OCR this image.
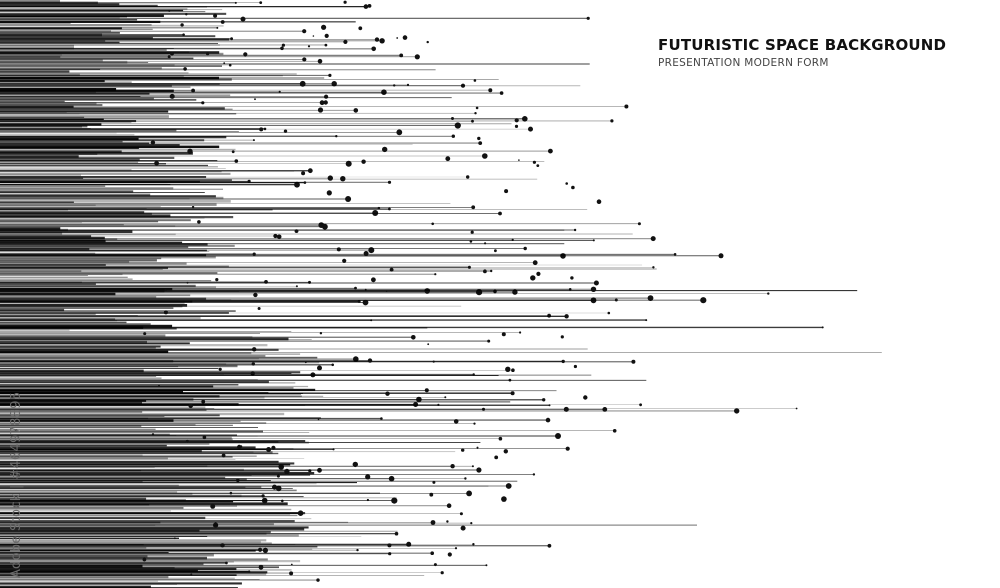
FUTURISTIC SPACE BACKGROUND
PRESENTATION MODERN FORM
Adobe Stock | #464978895
